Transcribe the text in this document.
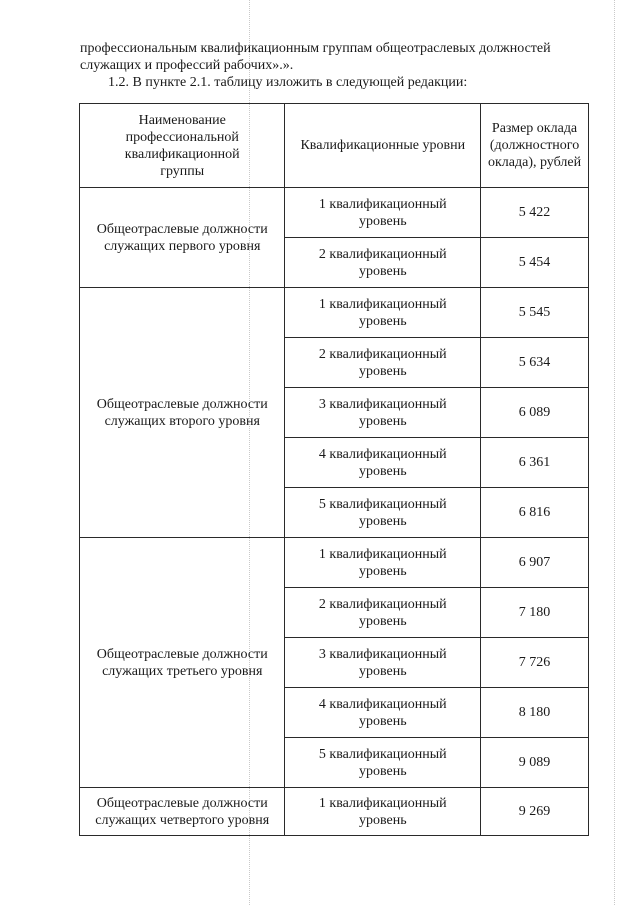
профессиональным квалификационным группам общеотраслевых должностей

служащих и профессий рабочих».».

1.2. В пункте 2.1. таблицу изложить в следующей редакции:

Наименование профессиональной квалификационной группы	Квалификационные уровни	Размер оклада (должностного оклада), рублей
Общеотраслевые должности служащих первого уровня	1 квалификационный уровень	5 422
	2 квалификационный уровень	5 454
Общеотраслевые должности служащих второго уровня	1 квалификационный уровень	5 545
	2 квалификационный уровень	5 634
	3 квалификационный уровень	6 089
	4 квалификационный уровень	6 361
	5 квалификационный уровень	6 816
Общеотраслевые должности служащих третьего уровня	1 квалификационный уровень	6 907
	2 квалификационный уровень	7 180
	3 квалификационный уровень	7 726
	4 квалификационный уровень	8 180
	5 квалификационный уровень	9 089
Общеотраслевые должности служащих четвертого уровня	1 квалификационный уровень	9 269
